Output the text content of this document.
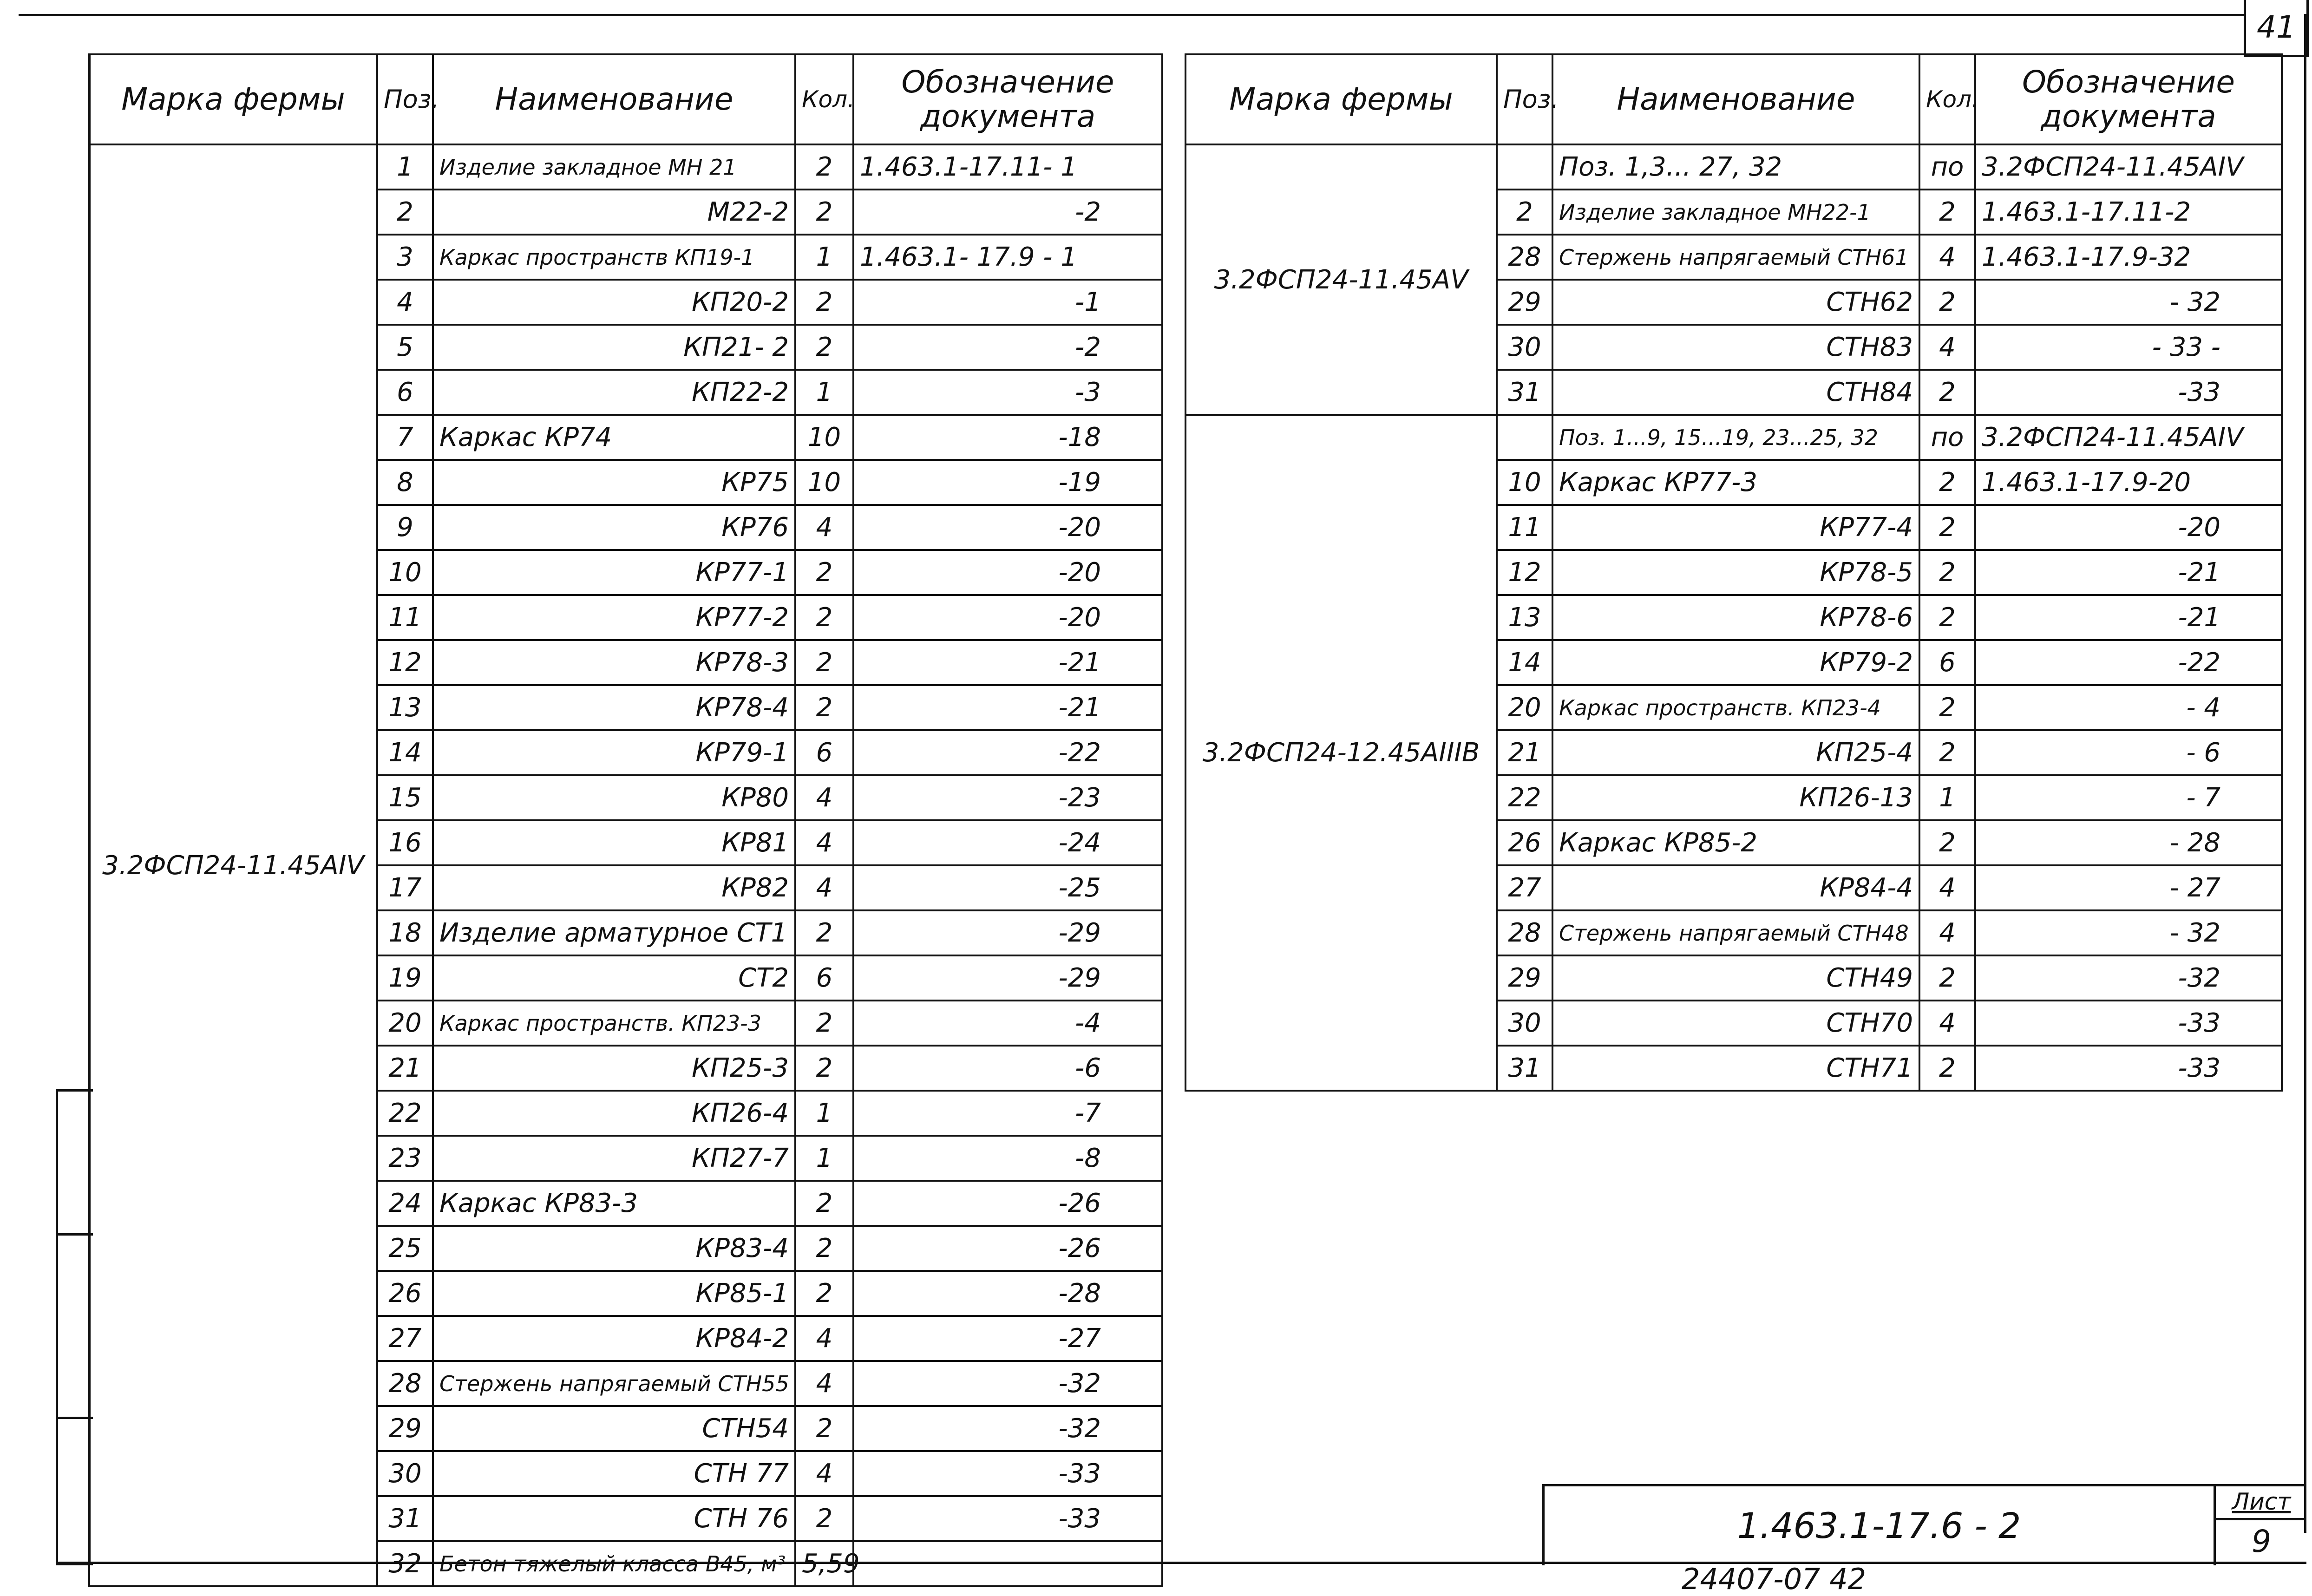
41
Марка фермы	Поз.	Наименование	Кол.	Обозначение документа
3.2ФСП24-11.45АIV	1	Изделие закладное МН 21	2	1.463.1-17.11- 1
	2	М22-2	2	-2
	3	Каркас пространств КП19-1	1	1.463.1- 17.9 - 1
	4	КП20-2	2	-1
	5	КП21- 2	2	-2
	6	КП22-2	1	-3
	7	Каркас КР74	10	-18
	8	КР75	10	-19
	9	КР76	4	-20
	10	КР77-1	2	-20
	11	КР77-2	2	-20
	12	КР78-3	2	-21
	13	КР78-4	2	-21
	14	КР79-1	6	-22
	15	КР80	4	-23
	16	КР81	4	-24
	17	КР82	4	-25
	18	Изделие арматурное СТ1	2	-29
	19	СТ2	6	-29
	20	Каркас пространств. КП23-3	2	-4
	21	КП25-3	2	-6
	22	КП26-4	1	-7
	23	КП27-7	1	-8
	24	Каркас КР83-3	2	-26
	25	КР83-4	2	-26
	26	КР85-1	2	-28
	27	КР84-2	4	-27
	28	Стержень напрягаемый СТН55	4	-32
	29	СТН54	2	-32
	30	СТН 77	4	-33
	31	СТН 76	2	-33
	32	Бетон тяжелый класса В45, м³	5,59	
Марка фермы	Поз.	Наименование	Кол.	Обозначение документа
3.2ФСП24-11.45АV		Поз. 1,3... 27, 32	по	3.2ФСП24-11.45АIV
	2	Изделие закладное МН22-1	2	1.463.1-17.11-2
	28	Стержень напрягаемый СТН61	4	1.463.1-17.9-32
	29	СТН62	2	- 32
	30	СТН83	4	- 33 -
	31	СТН84	2	-33
3.2ФСП24-12.45АIIIВ		Поз. 1...9, 15...19, 23...25, 32	по	3.2ФСП24-11.45АIV
	10	Каркас КР77-3	2	1.463.1-17.9-20
	11	КР77-4	2	-20
	12	КР78-5	2	-21
	13	КР78-6	2	-21
	14	КР79-2	6	-22
	20	Каркас пространств. КП23-4	2	- 4
	21	КП25-4	2	- 6
	22	КП26-13	1	- 7
	26	Каркас КР85-2	2	- 28
	27	КР84-4	4	- 27
	28	Стержень напрягаемый СТН48	4	- 32
	29	СТН49	2	-32
	30	СТН70	4	-33
	31	СТН71	2	-33
1.463.1-17.6 - 2
Лист
9
24407-07 42
